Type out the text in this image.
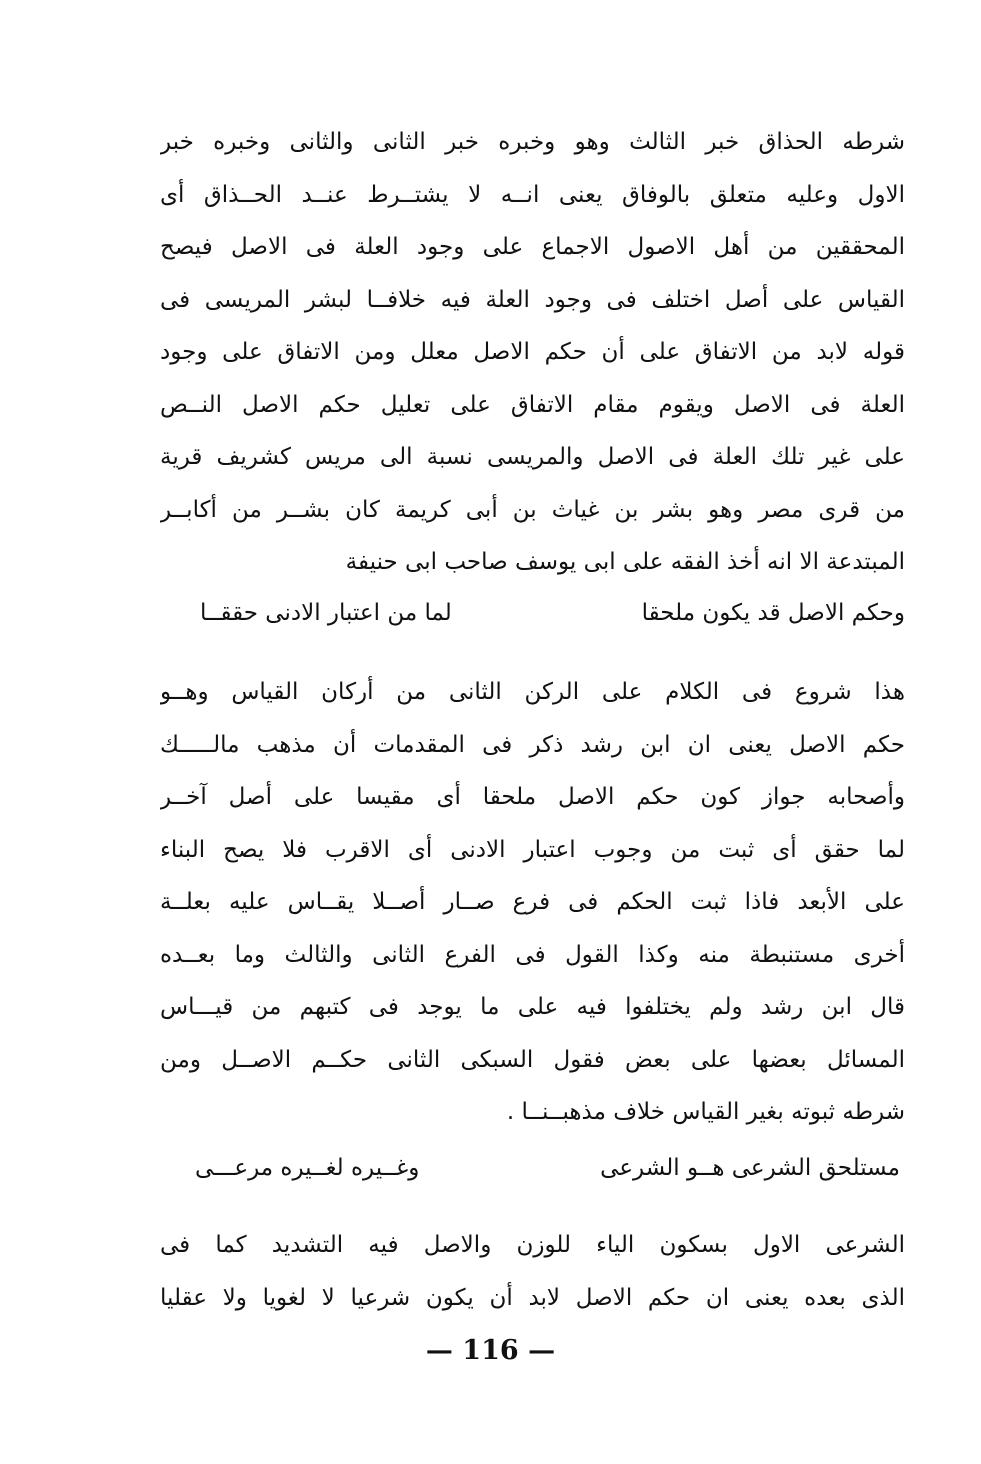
شرطه الحذاق خبر الثالث وهو وخبره خبر الثانى والثانى وخبره خبر
الاول وعليه متعلق بالوفاق يعنى انــه لا يشتــرط عنــد الحــذاق أى
المحققين من أهل الاصول الاجماع على وجود العلة فى الاصل فيصح
القياس على أصل اختلف فى وجود العلة فيه خلافــا لبشر المريسى فى
قوله لابد من الاتفاق على أن حكم الاصل معلل ومن الاتفاق على وجود
العلة فى الاصل ويقوم مقام الاتفاق على تعليل حكم الاصل النــص
على غير تلك العلة فى الاصل والمريسى نسبة الى مريس كشريف قرية
من قرى مصر وهو بشر بن غياث بن أبى كريمة كان بشــر من أكابــر
المبتدعة الا انه أخذ الفقه على ابى يوسف صاحب ابى حنيفة
وحكم الاصل قد يكون ملحقا
لما من اعتبار الادنى حققــا
هذا شروع فى الكلام على الركن الثانى من أركان القياس وهــو
حكم الاصل يعنى ان ابن رشد ذكر فى المقدمات أن مذهب مالـــــك
وأصحابه جواز كون حكم الاصل ملحقا أى مقيسا على أصل آخــر
لما حقق أى ثبت من وجوب اعتبار الادنى أى الاقرب فلا يصح البناء
على الأبعد فاذا ثبت الحكم فى فرع صــار أصــلا يقــاس عليه بعلــة
أخرى مستنبطة منه وكذا القول فى الفرع الثانى والثالث وما بعــده
قال ابن رشد ولم يختلفوا فيه على ما يوجد فى كتبهم من قيـــاس
المسائل بعضها على بعض فقول السبكى الثانى حكــم الاصــل ومن
شرطه ثبوته بغير القياس خلاف مذهبــنــا .
مستلحق الشرعى هــو الشرعى
وغــيره لغــيره مرعـــى
الشرعى الاول بسكون الياء للوزن والاصل فيه التشديد كما فى
الذى بعده يعنى ان حكم الاصل لابد أن يكون شرعيا لا لغويا ولا عقليا
— 116 —
